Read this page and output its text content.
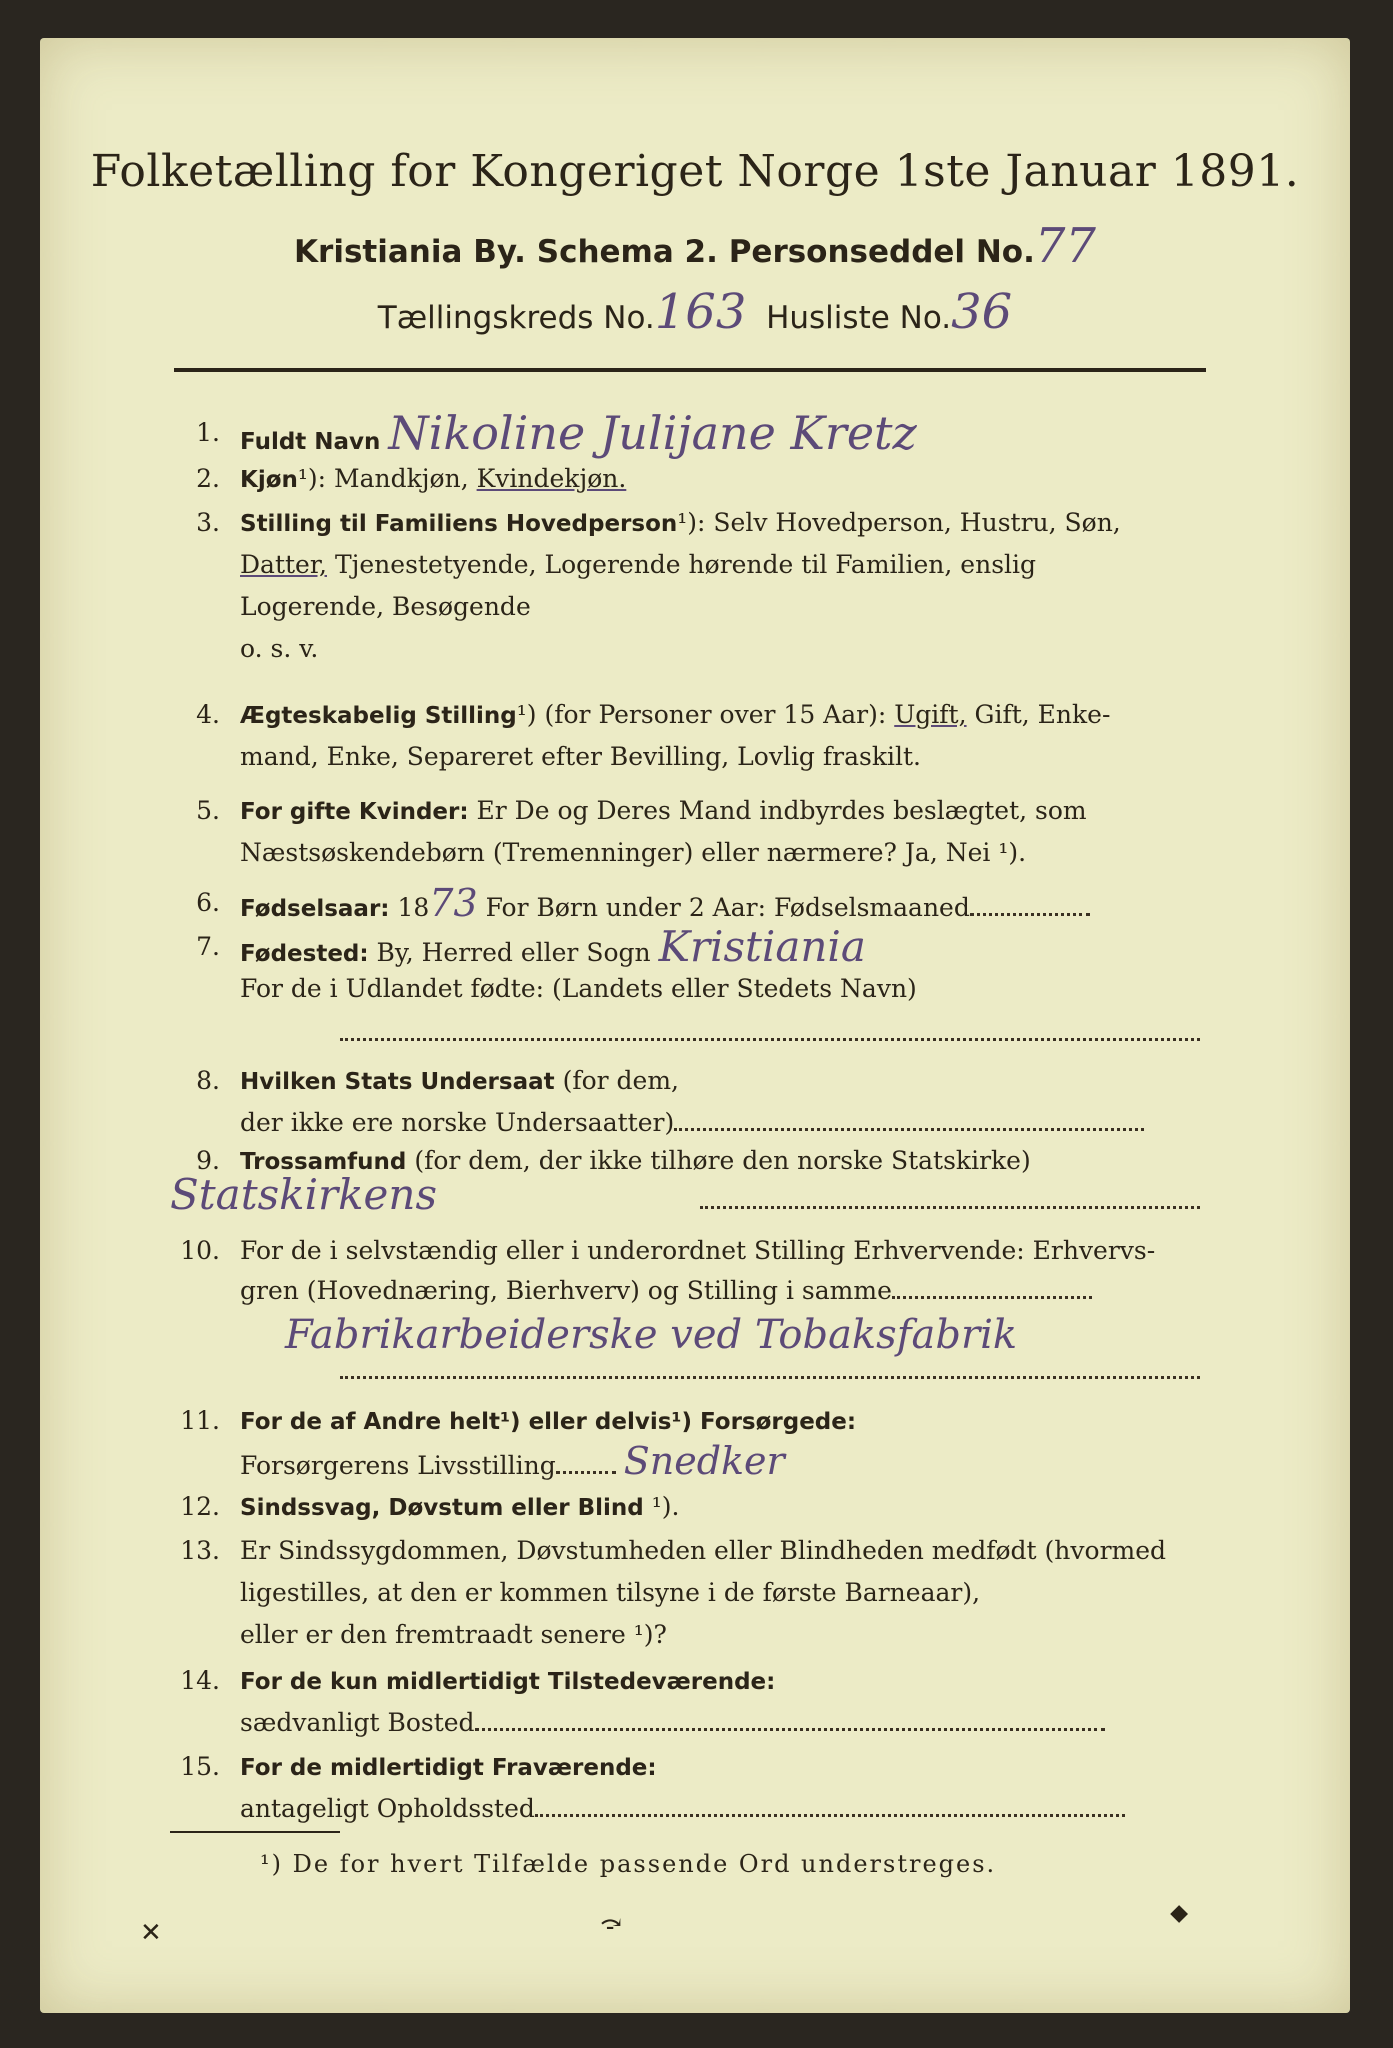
Folketælling for Kongeriget Norge 1ste Januar 1891.
Kristiania By. Schema 2. Personseddel No.77
Tællingskreds No.163 Husliste No.36
1. Fuldt Navn Nikoline Julijane Kretz
2. Kjøn¹): Mandkjøn, Kvindekjøn.
3. Stilling til Familiens Hovedperson¹): Selv Hovedperson, Hustru, Søn,
Datter, Tjenestetyende, Logerende hørende til Familien, enslig
Logerende, Besøgende
o. s. v.
4. Ægteskabelig Stilling¹) (for Personer over 15 Aar): Ugift, Gift, Enke-
mand, Enke, Separeret efter Bevilling, Lovlig fraskilt.
5. For gifte Kvinder: Er De og Deres Mand indbyrdes beslægtet, som
Næstsøskendebørn (Tremenninger) eller nærmere? Ja, Nei ¹).
6. Fødselsaar: 1873 For Børn under 2 Aar: Fødselsmaaned
7. Fødested: By, Herred eller Sogn Kristiania
For de i Udlandet fødte: (Landets eller Stedets Navn)
8. Hvilken Stats Undersaat (for dem,
der ikke ere norske Undersaatter)
9. Trossamfund (for dem, der ikke tilhøre den norske Statskirke)
Statskirkens
10. For de i selvstændig eller i underordnet Stilling Erhvervende: Erhvervs-
gren (Hovednæring, Bierhverv) og Stilling i samme
Fabrikarbeiderske ved Tobaksfabrik
11. For de af Andre helt¹) eller delvis¹) Forsørgede:
Forsørgerens Livsstilling Snedker
12. Sindssvag, Døvstum eller Blind ¹).
13. Er Sindssygdommen, Døvstumheden eller Blindheden medfødt (hvormed
ligestilles, at den er kommen tilsyne i de første Barneaar),
eller er den fremtraadt senere ¹)?
14. For de kun midlertidigt Tilstedeværende:
sædvanligt Bosted
15. For de midlertidigt Fraværende:
antageligt Opholdssted
¹) De for hvert Tilfælde passende Ord understreges.
✕	⤼	⬥
